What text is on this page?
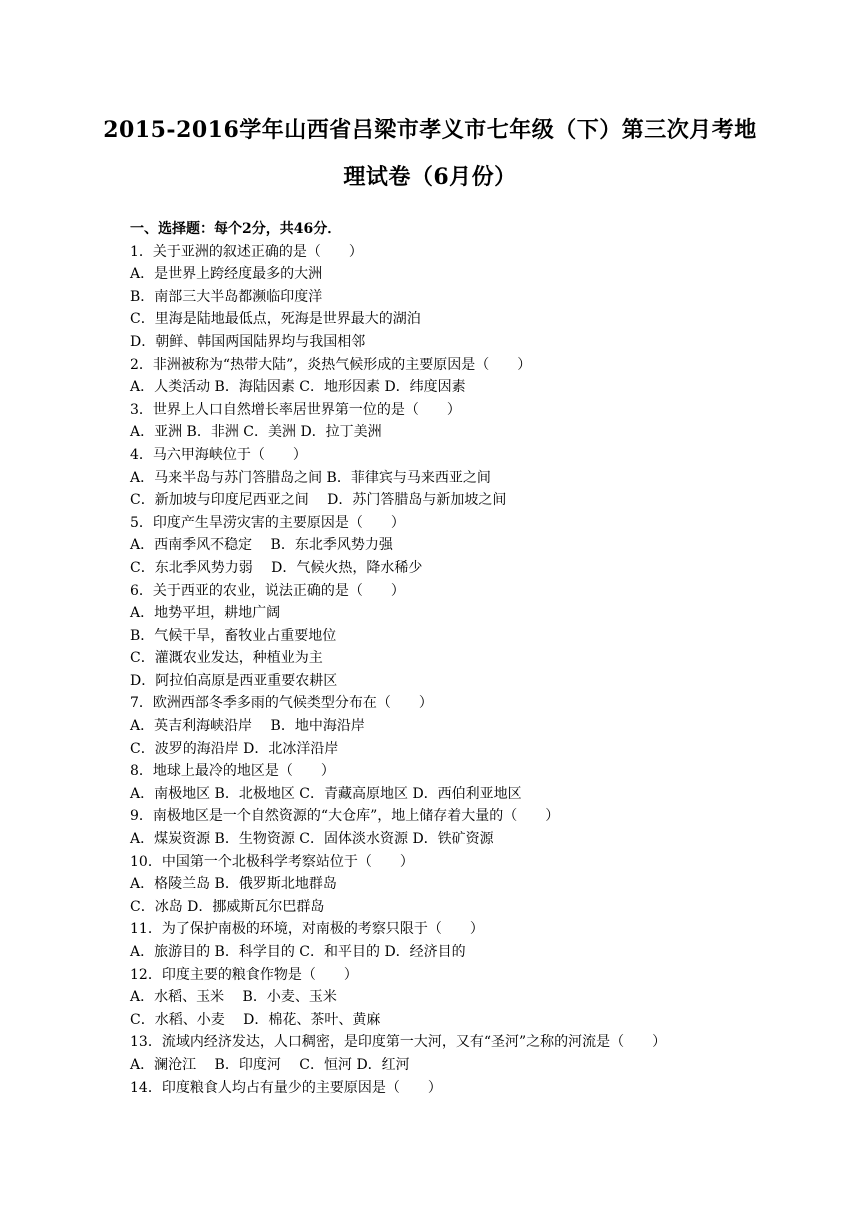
2015-2016学年山西省吕梁市孝义市七年级（下）第三次月考地
理试卷（6月份）
一、选择题：每个2分，共46分．
1．关于亚洲的叙述正确的是（　　）
A．是世界上跨经度最多的大洲
B．南部三大半岛都濒临印度洋
C．里海是陆地最低点，死海是世界最大的湖泊
D．朝鲜、韩国两国陆界均与我国相邻
2．非洲被称为“热带大陆”，炎热气候形成的主要原因是（　　）
A．人类活动 B．海陆因素 C．地形因素 D．纬度因素
3．世界上人口自然增长率居世界第一位的是（　　）
A．亚洲 B．非洲 C．美洲 D．拉丁美洲
4．马六甲海峡位于（　　）
A．马来半岛与苏门答腊岛之间 B．菲律宾与马来西亚之间
C．新加坡与印度尼西亚之间　 D．苏门答腊岛与新加坡之间
5．印度产生旱涝灾害的主要原因是（　　）
A．西南季风不稳定　 B．东北季风势力强
C．东北季风势力弱　 D．气候火热，降水稀少
6．关于西亚的农业，说法正确的是（　　）
A．地势平坦，耕地广阔
B．气候干旱，畜牧业占重要地位
C．灌溉农业发达，种植业为主
D．阿拉伯高原是西亚重要农耕区
7．欧洲西部冬季多雨的气候类型分布在（　　）
A．英吉利海峡沿岸　 B．地中海沿岸
C．波罗的海沿岸 D．北冰洋沿岸
8．地球上最冷的地区是（　　）
A．南极地区 B．北极地区 C．青藏高原地区 D．西伯利亚地区
9．南极地区是一个自然资源的“大仓库”，地上储存着大量的（　　）
A．煤炭资源 B．生物资源 C．固体淡水资源 D．铁矿资源
10．中国第一个北极科学考察站位于（　　）
A．格陵兰岛 B．俄罗斯北地群岛
C．冰岛 D．挪威斯瓦尔巴群岛
11．为了保护南极的环境，对南极的考察只限于（　　）
A．旅游目的 B．科学目的 C．和平目的 D．经济目的
12．印度主要的粮食作物是（　　）
A．水稻、玉米　 B．小麦、玉米
C．水稻、小麦　 D．棉花、茶叶、黄麻
13．流域内经济发达，人口稠密，是印度第一大河，又有“圣河”之称的河流是（　　）
A．澜沧江　 B．印度河　 C．恒河 D．红河
14．印度粮食人均占有量少的主要原因是（　　）
